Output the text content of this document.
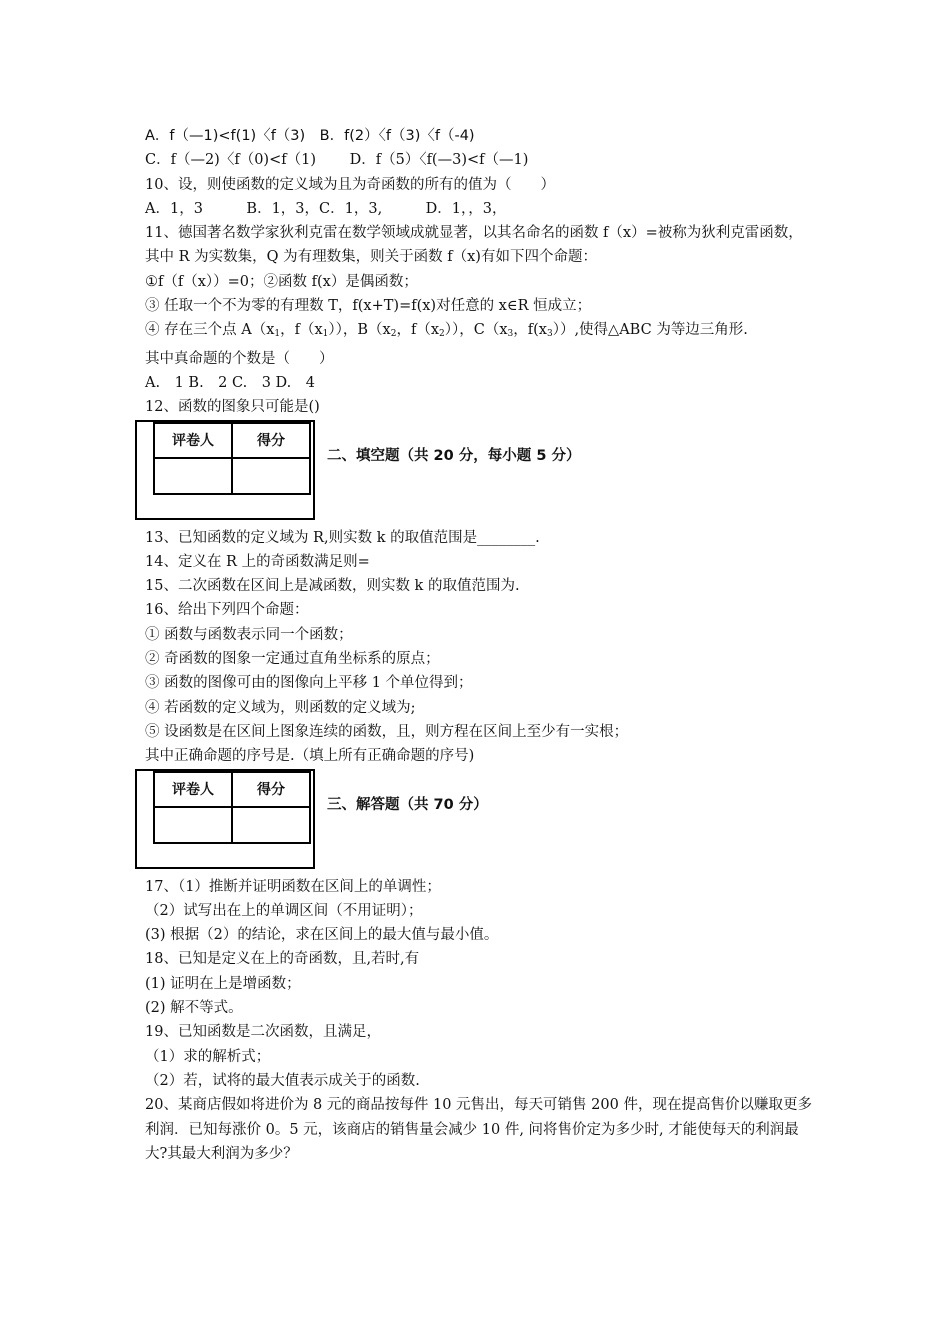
A．f（—1)<f(1)〈f（3)　B．f(2）〈f（3)〈f（-4)
C．f（—2)〈f（0)<f（1)　　 D．f（5）〈f(—3)<f（—1)
10、设，则使函数的定义域为且为奇函数的所有的值为（　　）
A．1，3　　　B．1，3，C．1，3,　　　D．1，，3，
11、德国著名数学家狄利克雷在数学领域成就显著，以其名命名的函数 f（x）=被称为狄利克雷函数，其中 R 为实数集，Q 为有理数集，则关于函数 f（x)有如下四个命题：
①f（f（x））=0；②函数 f(x）是偶函数；
③ 任取一个不为零的有理数 T，f(x+T)=f(x)对任意的 x∈R 恒成立；
④ 存在三个点 $A(x_1$，$f(x_1)$），$B(x_2$，$f(x_2)$），$C(x_3$，$f(x_3)$）,使得△ABC 为等边三角形.
其中真命题的个数是（　　）
A.　1 B.　2 C.　3 D.　4
12、函数的图象只可能是()
评卷人	得分

二、填空题（共 20 分，每小题 5 分）
13、已知函数的定义域为 R,则实数 k 的取值范围是________.
14、定义在 R 上的奇函数满足则=
15、二次函数在区间上是减函数，则实数 k 的取值范围为.
16、给出下列四个命题：
① 函数与函数表示同一个函数；
② 奇函数的图象一定通过直角坐标系的原点；
③ 函数的图像可由的图像向上平移 1 个单位得到；
④ 若函数的定义域为，则函数的定义域为;
⑤ 设函数是在区间上图象连续的函数，且，则方程在区间上至少有一实根；
其中正确命题的序号是.（填上所有正确命题的序号)
评卷人	得分

三、解答题（共 70 分）
17、（1）推断并证明函数在区间上的单调性；
（2）试写出在上的单调区间（不用证明）；
(3) 根据（2）的结论，求在区间上的最大值与最小值。
18、已知是定义在上的奇函数，且,若时,有
(1) 证明在上是增函数；
(2) 解不等式。
19、已知函数是二次函数，且满足，
（1）求的解析式；
（2）若，试将的最大值表示成关于的函数.
20、某商店假如将进价为 8 元的商品按每件 10 元售出，每天可销售 200 件，现在提高售价以赚取更多利润．已知每涨价 0。5 元，该商店的销售量会减少 10 件, 问将售价定为多少时, 才能使每天的利润最大?其最大利润为多少？
